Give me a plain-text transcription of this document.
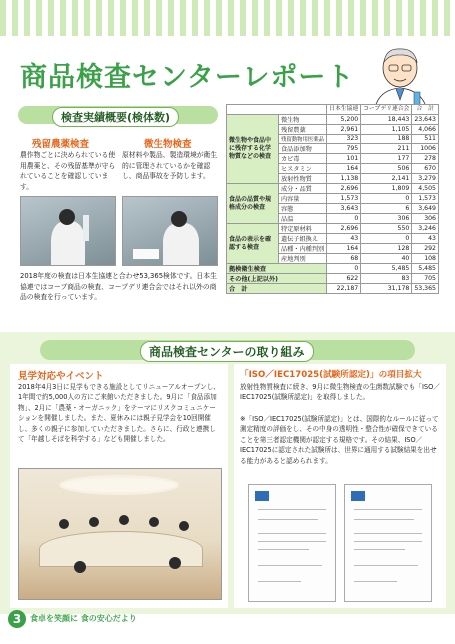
商品検査センターレポート
検査実績概要(検体数)
残留農薬検査
農作物ごとに決められている使用農薬と、その残留基準が守られていることを確認しています。
微生物検査
原材料や製品、製造環境が衛生的に管理されているかを確認し、商品事故を予防します。
2018年度の検査は日本生協連と合わせ53,365検体です。日本生協連ではコープ商品の検査、コープデリ連合会ではそれ以外の商品の検査を行っています。
		日本生協連	コープデリ連合会	合　計
微生物や食品中に残存する化学物質などの検査	微生物	5,200	18,443	23,643
	残留農薬	2,961	1,105	4,066
	残留動物用医薬品	323	188	511
	食品添加物	795	211	1006
	カビ毒	101	177	278
	ヒスタミン	164	506	670
	放射性物質	1,138	2,141	3,279
食品の品質や規格成分の検査	成分・品質	2,696	1,809	4,505
	内容量	1,573	0	1,573
	容態	3,643	6	3,649
	品温	0	306	306
食品の表示を確認する検査	特定原材料	2,696	550	3,246
	遺伝子組換え	43	0	43
	品種・内種判別	164	128	292
	産地判別	68	40	108
拠検衛生検査		0	5,485	5,485
その他(上記以外)		622	83	705
合　計		22,187	31,178	53,365
商品検査センターの取り組み
見学対応やイベント
2018年4月3日に見学もできる施設としてリニューアルオープンし、1年間で約5,000人の方にご来館いただきました。9月に「食品添加物」、2月に「農薬・オーガニック」をテーマにリスクコミュニケーションを開催しました。また、夏休みには親子見学会を10回開催し、多くの親子に参加していただきました。さらに、行政と連携して「年越しそばを科学する」なども開催しました。
「ISO／IEC17025(試験所認定)」の項目拡大
放射性物質検査に続き、9月に微生物検査の生菌数試験でも「ISO／IEC17025(試験所認定)」を取得しました。
※「ISO／IEC17025(試験所認定)」とは、国際的なルールに従って測定精度の評価をし、その中身の透明性・整合性が確保できていることを第三者認定機関が認定する規格です。その結果、ISO／IEC17025に認定された試験所は、世界に通用する試験結果を出せる能力があると認められます。
3	食卓を笑顔に 食の安心だより
